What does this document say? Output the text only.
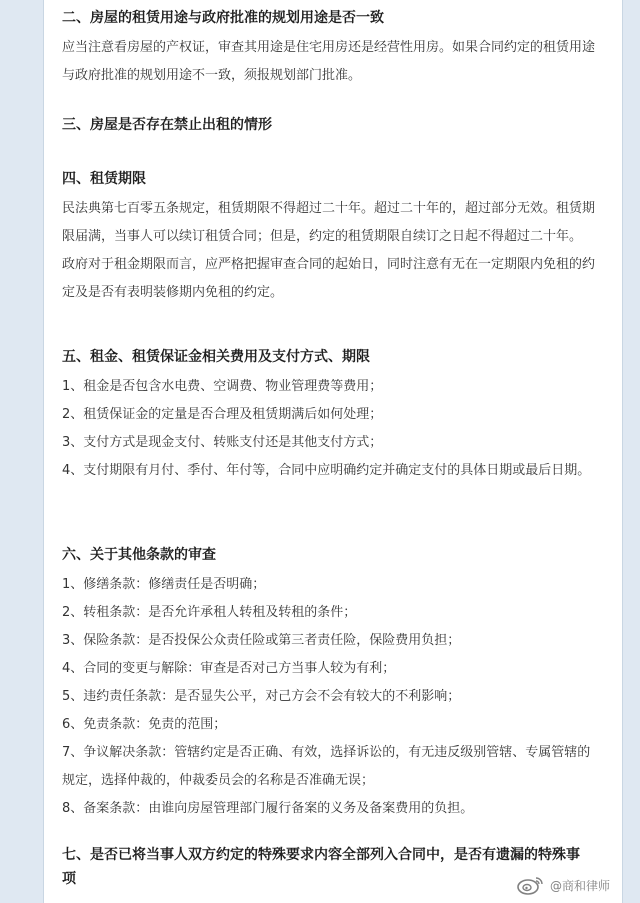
二、房屋的租赁用途与政府批准的规划用途是否一致
应当注意看房屋的产权证，审查其用途是住宅用房还是经营性用房。如果合同约定的租赁用途与政府批准的规划用途不一致，须报规划部门批准。
三、房屋是否存在禁止出租的情形
四、租赁期限
民法典第七百零五条规定，租赁期限不得超过二十年。超过二十年的，超过部分无效。租赁期限届满，当事人可以续订租赁合同；但是，约定的租赁期限自续订之日起不得超过二十年。
政府对于租金期限而言，应严格把握审查合同的起始日，同时注意有无在一定期限内免租的约定及是否有表明装修期内免租的约定。
五、租金、租赁保证金相关费用及支付方式、期限
1、租金是否包含水电费、空调费、物业管理费等费用；
2、租赁保证金的定量是否合理及租赁期满后如何处理；
3、支付方式是现金支付、转账支付还是其他支付方式；
4、支付期限有月付、季付、年付等，合同中应明确约定并确定支付的具体日期或最后日期。
六、关于其他条款的审查
1、修缮条款：修缮责任是否明确；
2、转租条款：是否允许承租人转租及转租的条件；
3、保险条款：是否投保公众责任险或第三者责任险，保险费用负担；
4、合同的变更与解除：审查是否对己方当事人较为有利；
5、违约责任条款：是否显失公平，对己方会不会有较大的不利影响；
6、免责条款：免责的范围；
7、争议解决条款：管辖约定是否正确、有效，选择诉讼的，有无违反级别管辖、专属管辖的规定，选择仲裁的，仲裁委员会的名称是否准确无误；
8、备案条款：由谁向房屋管理部门履行备案的义务及备案费用的负担。
七、是否已将当事人双方约定的特殊要求内容全部列入合同中，是否有遗漏的特殊事
项	@商和律师
